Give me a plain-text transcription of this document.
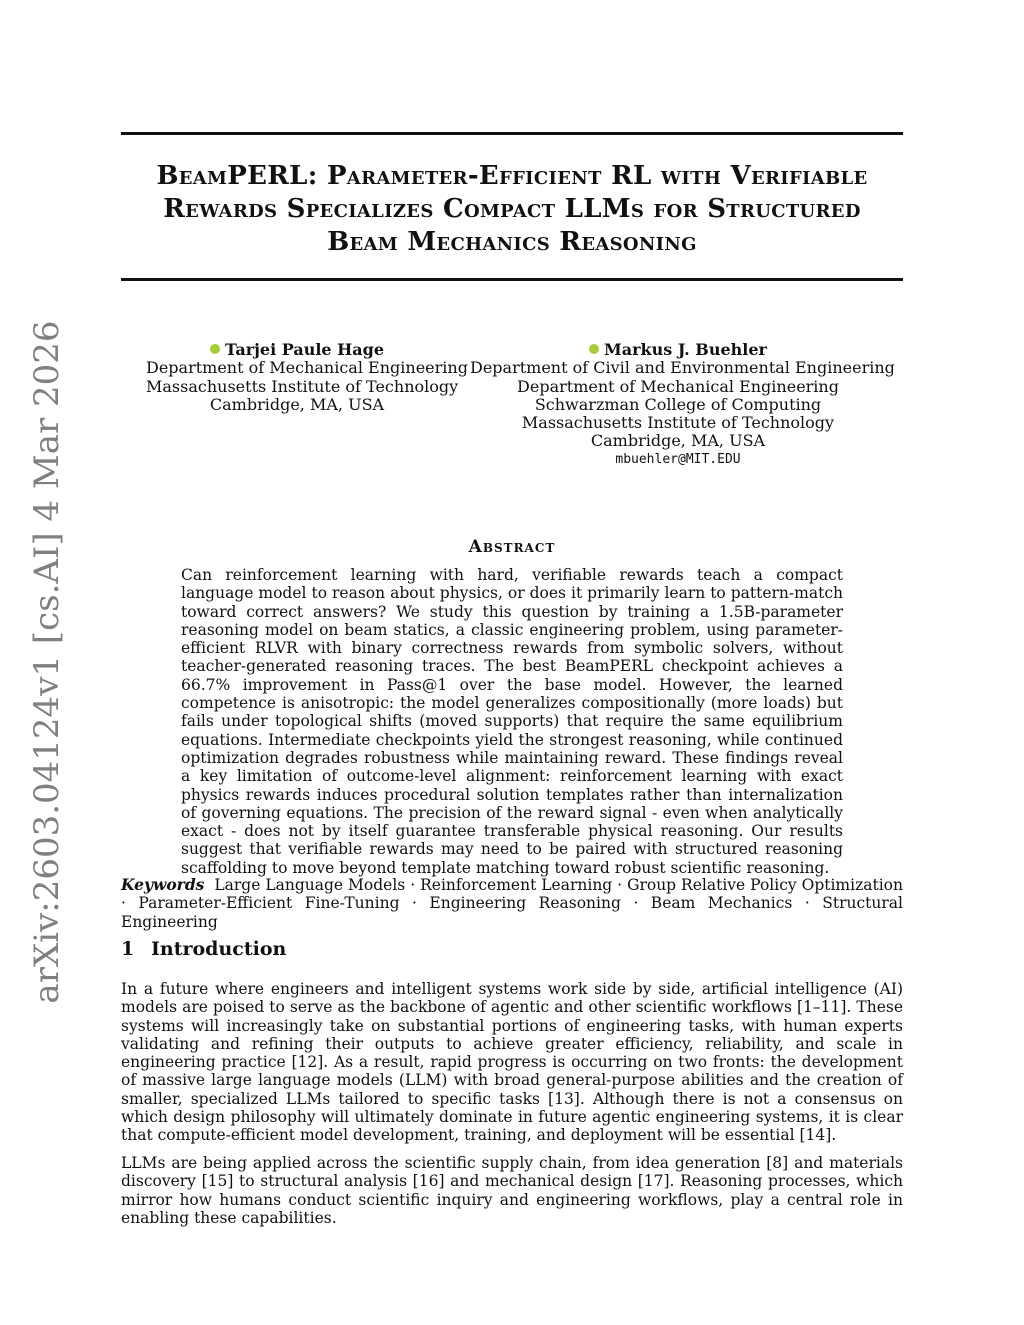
arXiv:2603.04124v1 [cs.AI] 4 Mar 2026
BeamPERL: Parameter-Efficient RL with Verifiable
Rewards Specializes Compact LLMs for Structured
Beam Mechanics Reasoning
Tarjei Paule Hage
Department of Mechanical Engineering
Massachusetts Institute of Technology
Cambridge, MA, USA
Markus J. Buehler
Department of Civil and Environmental Engineering
Department of Mechanical Engineering
Schwarzman College of Computing
Massachusetts Institute of Technology
Cambridge, MA, USA
mbuehler@MIT.EDU
Abstract

Can reinforcement learning with hard, verifiable rewards teach a compact language model to reason about physics, or does it primarily learn to pattern-match toward correct answers? We study this question by training a 1.5B-parameter reasoning model on beam statics, a classic engineering problem, using parameter-efficient RLVR with binary correctness rewards from symbolic solvers, without teacher-generated reasoning traces. The best BeamPERL checkpoint achieves a 66.7% improvement in Pass@1 over the base model. However, the learned competence is anisotropic: the model generalizes compositionally (more loads) but fails under topological shifts (moved supports) that require the same equilibrium equations. Intermediate checkpoints yield the strongest reasoning, while continued optimization degrades robustness while maintaining reward. These findings reveal a key limitation of outcome-level alignment: reinforcement learning with exact physics rewards induces procedural solution templates rather than internalization of governing equations. The precision of the reward signal - even when analytically exact - does not by itself guarantee transferable physical reasoning. Our results suggest that verifiable rewards may need to be paired with structured reasoning scaffolding to move beyond template matching toward robust scientific reasoning.

Keywords Large Language Models · Reinforcement Learning · Group Relative Policy Optimization · Parameter-Efficient Fine-Tuning · Engineering Reasoning · Beam Mechanics · Structural Engineering

1 Introduction

In a future where engineers and intelligent systems work side by side, artificial intelligence (AI) models are poised to serve as the backbone of agentic and other scientific workflows [1–11]. These systems will increasingly take on substantial portions of engineering tasks, with human experts validating and refining their outputs to achieve greater efficiency, reliability, and scale in engineering practice [12]. As a result, rapid progress is occurring on two fronts: the development of massive large language models (LLM) with broad general-purpose abilities and the creation of smaller, specialized LLMs tailored to specific tasks [13]. Although there is not a consensus on which design philosophy will ultimately dominate in future agentic engineering systems, it is clear that compute-efficient model development, training, and deployment will be essential [14].

LLMs are being applied across the scientific supply chain, from idea generation [8] and materials discovery [15] to structural analysis [16] and mechanical design [17]. Reasoning processes, which mirror how humans conduct scientific inquiry and engineering workflows, play a central role in enabling these capabilities.
